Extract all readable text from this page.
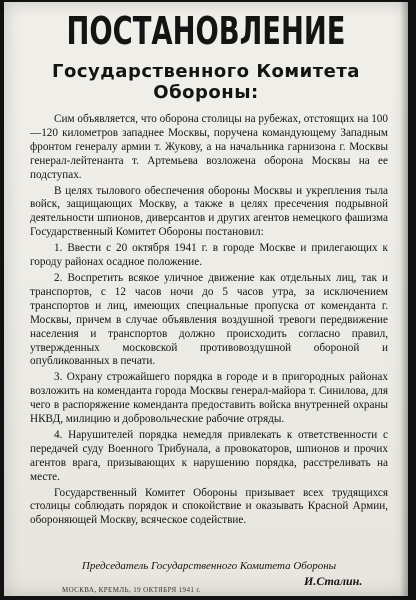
ПОСТАНОВЛЕНИЕ
Государственного Комитета
Обороны:

Сим объявляется, что оборона столицы на рубежах, отстоящих на 100—120 километров западнее Москвы, поручена командующему Западным фронтом генералу армии т. Жукову, а на начальника гарнизона г. Москвы генерал-лейтенанта т. Артемьева возложена оборона Москвы на ее подступах.

В целях тылового обеспечения обороны Москвы и укрепления тыла войск, защищающих Москву, а также в целях пресечения подрывной деятельности шпионов, диверсантов и других агентов немецкого фашизма Государственный Комитет Обороны постановил:

1. Ввести с 20 октября 1941 г. в городе Москве и прилегающих к городу районах осадное положение.

2. Воспретить всякое уличное движение как отдельных лиц, так и транспортов, с 12 часов ночи до 5 часов утра, за исключением транспортов и лиц, имеющих специальные пропуска от коменданта г. Москвы, причем в случае объявления воздушной тревоги передвижение населения и транспортов должно происходить согласно правил, утвержденных московской противовоздушной обороной и опубликованных в печати.

3. Охрану строжайшего порядка в городе и в пригородных районах возложить на коменданта города Москвы генерал-майора т. Синилова, для чего в распоряжение коменданта предоставить войска внутренней охраны НКВД, милицию и добровольческие рабочие отряды.

4. Нарушителей порядка немедля привлекать к ответственности с передачей суду Военного Трибунала, а провокаторов, шпионов и прочих агентов врага, призывающих к нарушению порядка, расстреливать на месте.

Государственный Комитет Обороны призывает всех трудящихся столицы соблюдать порядок и спокойствие и оказывать Красной Армии, обороняющей Москву, всяческое содействие.

Председатель Государственного Комитета Обороны
И.Сталин.
МОСКВА, КРЕМЛЬ, 19 ОКТЯБРЯ 1941 г.
